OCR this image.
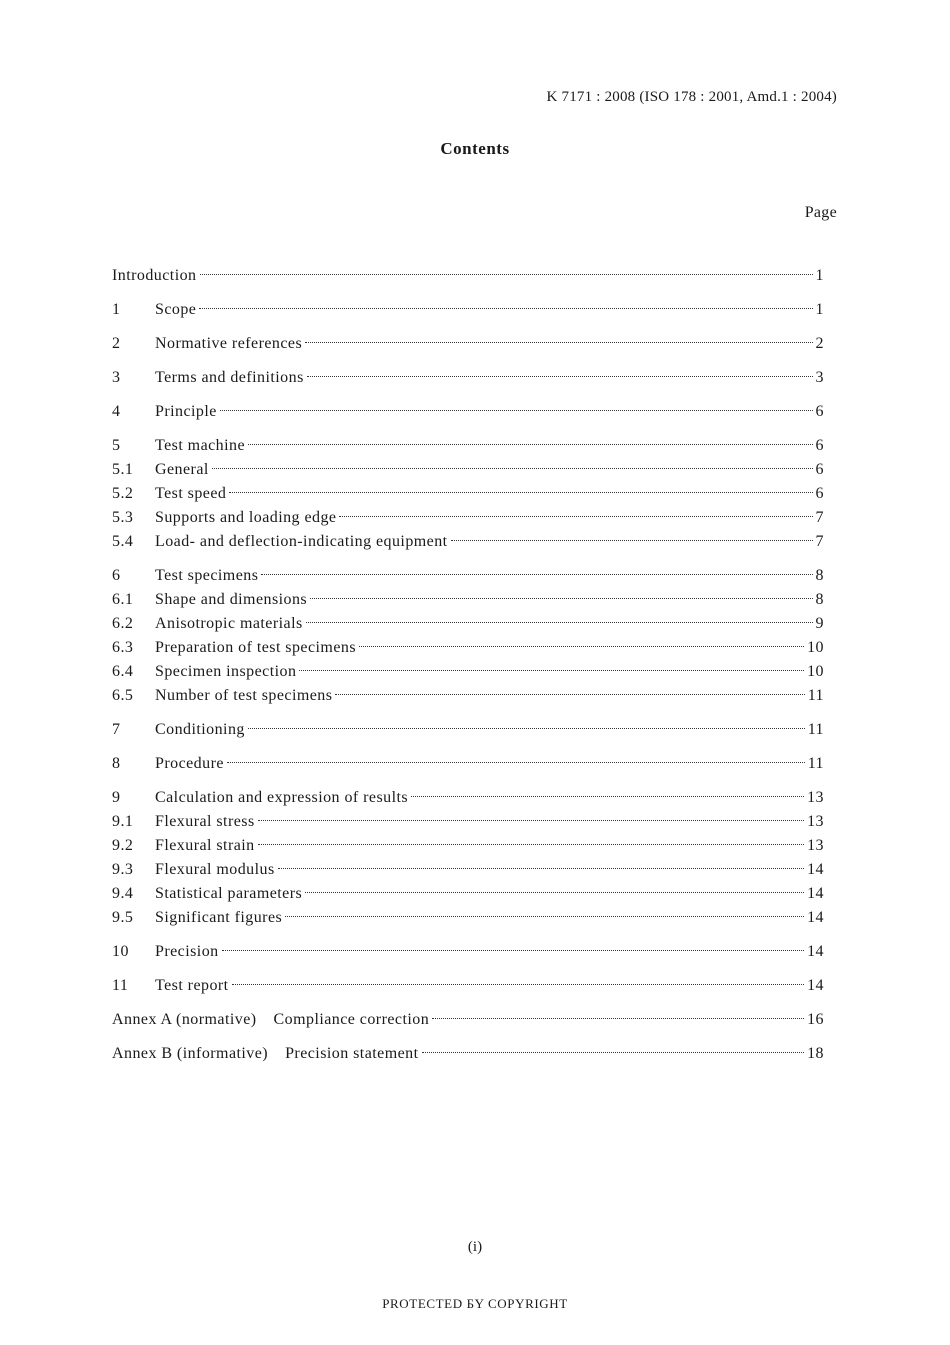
K 7171 : 2008 (ISO 178 : 2001, Amd.1 : 2004)
Contents
Page
Introduction	1
1	Scope	1
2	Normative references	2
3	Terms and definitions	3
4	Principle	6
5	Test machine	6
5.1	General	6
5.2	Test speed	6
5.3	Supports and loading edge	7
5.4	Load- and deflection-indicating equipment	7
6	Test specimens	8
6.1	Shape and dimensions	8
6.2	Anisotropic materials	9
6.3	Preparation of test specimens	10
6.4	Specimen inspection	10
6.5	Number of test specimens	11
7	Conditioning	11
8	Procedure	11
9	Calculation and expression of results	13
9.1	Flexural stress	13
9.2	Flexural strain	13
9.3	Flexural modulus	14
9.4	Statistical parameters	14
9.5	Significant figures	14
10	Precision	14
11	Test report	14
Annex A (normative) Compliance correction	16
Annex B (informative) Precision statement	18
(i)
PROTECTED БY COPYRIGHT
